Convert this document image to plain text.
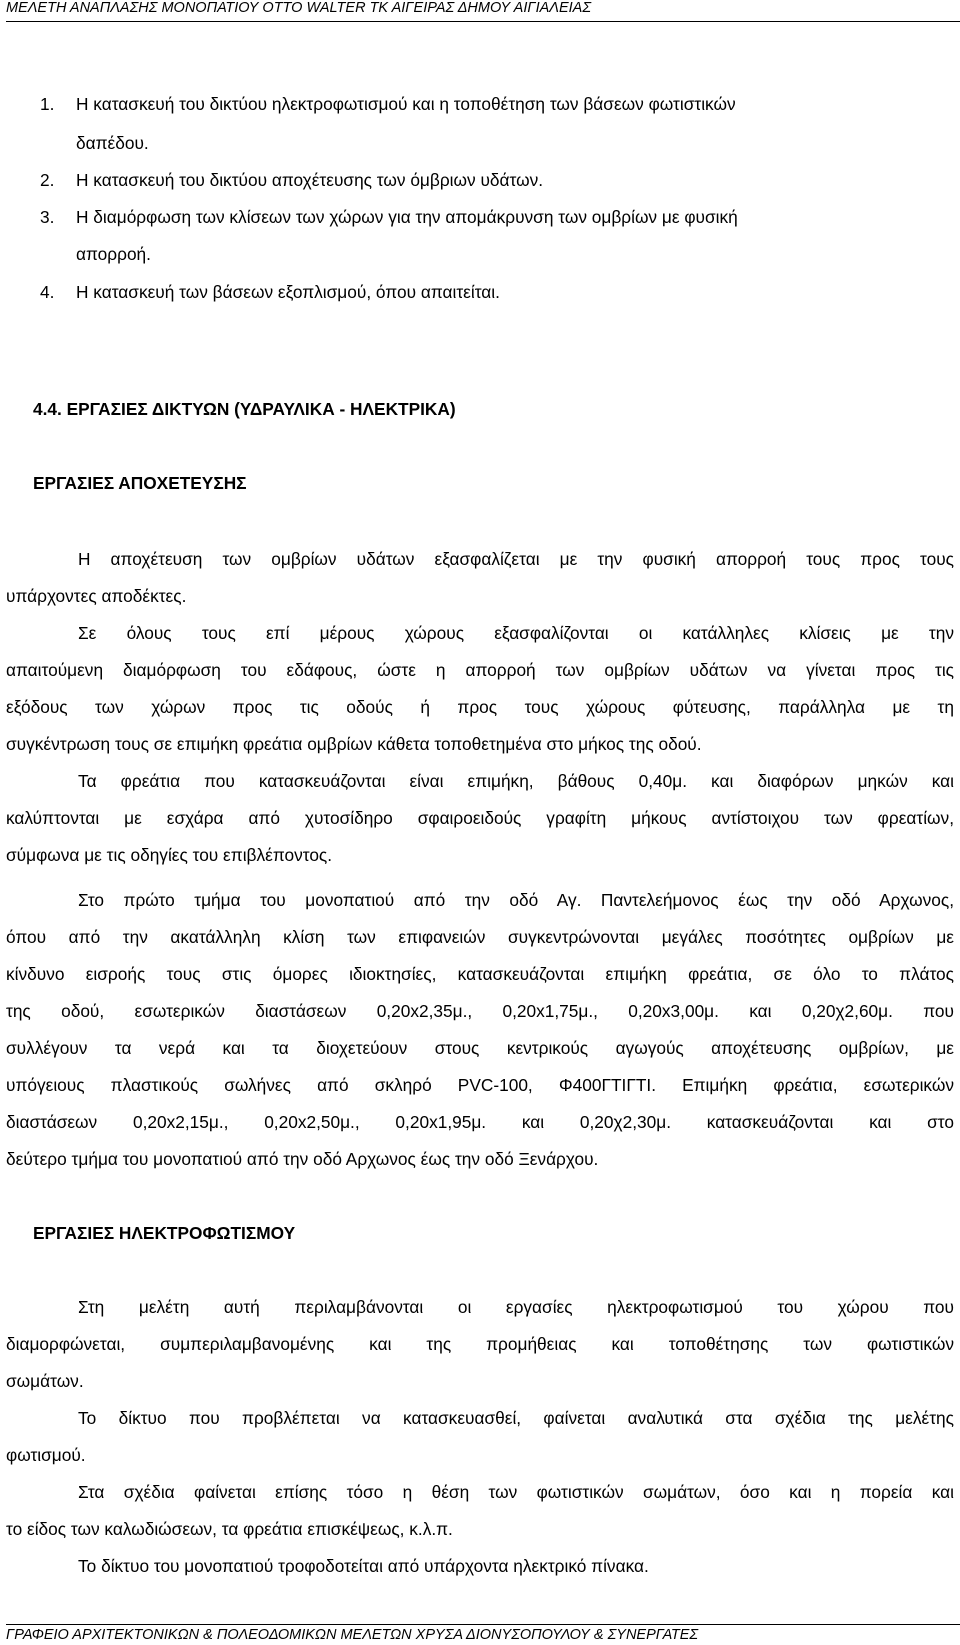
ΜΕΛΕΤΗ ΑΝΑΠΛΑΣΗΣ ΜΟΝΟΠΑΤΙΟΥ ΟΤΤΟ WALTER ΤΚ ΑΙΓΕΙΡΑΣ ΔΗΜΟΥ ΑΙΓΙΑΛΕΙΑΣ
1. Η κατασκευή του δικτύου ηλεκτροφωτισμού και η τοποθέτηση των βάσεων φωτιστικών
δαπέδου.
2. Η κατασκευή του δικτύου αποχέτευσης των όμβριων υδάτων.
3. Η διαμόρφωση των κλίσεων των χώρων για την απομάκρυνση των ομβρίων με φυσική
απορροή.
4. Η κατασκευή των βάσεων εξοπλισμού, όπου απαιτείται.
4.4. ΕΡΓΑΣΙΕΣ ΔΙΚΤΥΩΝ (ΥΔΡΑΥΛΙΚΑ - ΗΛΕΚΤΡΙΚΑ)
ΕΡΓΑΣΙΕΣ ΑΠΟΧΕΤΕΥΣΗΣ
Η αποχέτευση των ομβρίων υδάτων εξασφαλίζεται με την φυσική απορροή τους προς τους
υπάρχοντες αποδέκτες.
Σε όλους τους επί μέρους χώρους εξασφαλίζονται οι κατάλληλες κλίσεις με την
απαιτούμενη διαμόρφωση του εδάφους, ώστε η απορροή των ομβρίων υδάτων να γίνεται προς τις
εξόδους των χώρων προς τις οδούς ή προς τους χώρους φύτευσης, παράλληλα με τη
συγκέντρωση τους σε επιμήκη φρεάτια ομβρίων κάθετα τοποθετημένα στο μήκος της οδού.
Τα φρεάτια που κατασκευάζονται είναι επιμήκη, βάθους 0,40μ. και διαφόρων μηκών και
καλύπτονται με εσχάρα από χυτοσίδηρο σφαιροειδούς γραφίτη μήκους αντίστοιχου των φρεατίων,
σύμφωνα με τις οδηγίες του επιβλέποντος.
Στο πρώτο τμήμα του μονοπατιού από την οδό Αγ. Παντελεήμονος έως την οδό Αρχωνος,
όπου από την ακατάλληλη κλίση των επιφανειών συγκεντρώνονται μεγάλες ποσότητες ομβρίων με
κίνδυνο εισροής τους στις όμορες ιδιοκτησίες, κατασκευάζονται επιμήκη φρεάτια, σε όλο το πλάτος
της οδού, εσωτερικών διαστάσεων 0,20x2,35μ., 0,20x1,75μ., 0,20x3,00μ. και 0,20χ2,60μ. που
συλλέγουν τα νερά και τα διοχετεύουν στους κεντρικούς αγωγούς αποχέτευσης ομβρίων, με
υπόγειους πλαστικούς σωλήνες από σκληρό PVC-100, Φ400ΓΤΙΓΤΙ. Επιμήκη φρεάτια, εσωτερικών
διαστάσεων 0,20x2,15μ., 0,20x2,50μ., 0,20x1,95μ. και 0,20χ2,30μ. κατασκευάζονται και στο
δεύτερο τμήμα του μονοπατιού από την οδό Αρχωνος έως την οδό Ξενάρχου.
ΕΡΓΑΣΙΕΣ ΗΛΕΚΤΡΟΦΩΤΙΣΜΟΥ
Στη μελέτη αυτή περιλαμβάνονται οι εργασίες ηλεκτροφωτισμού του χώρου που
διαμορφώνεται, συμπεριλαμβανομένης και της προμήθειας και τοποθέτησης των φωτιστικών
σωμάτων.
Το δίκτυο που προβλέπεται να κατασκευασθεί, φαίνεται αναλυτικά στα σχέδια της μελέτης
φωτισμού.
Στα σχέδια φαίνεται επίσης τόσο η θέση των φωτιστικών σωμάτων, όσο και η πορεία και
το είδος των καλωδιώσεων, τα φρεάτια επισκέψεως, κ.λ.π.
Το δίκτυο του μονοπατιού τροφοδοτείται από υπάρχοντα ηλεκτρικό πίνακα.
ΓΡΑΦΕΙΟ ΑΡΧΙΤΕΚΤΟΝΙΚΩΝ & ΠΟΛΕΟΔΟΜΙΚΩΝ ΜΕΛΕΤΩΝ ΧΡΥΣΑ ΔΙΟΝΥΣΟΠΟΥΛΟΥ & ΣΥΝΕΡΓΑΤΕΣ
